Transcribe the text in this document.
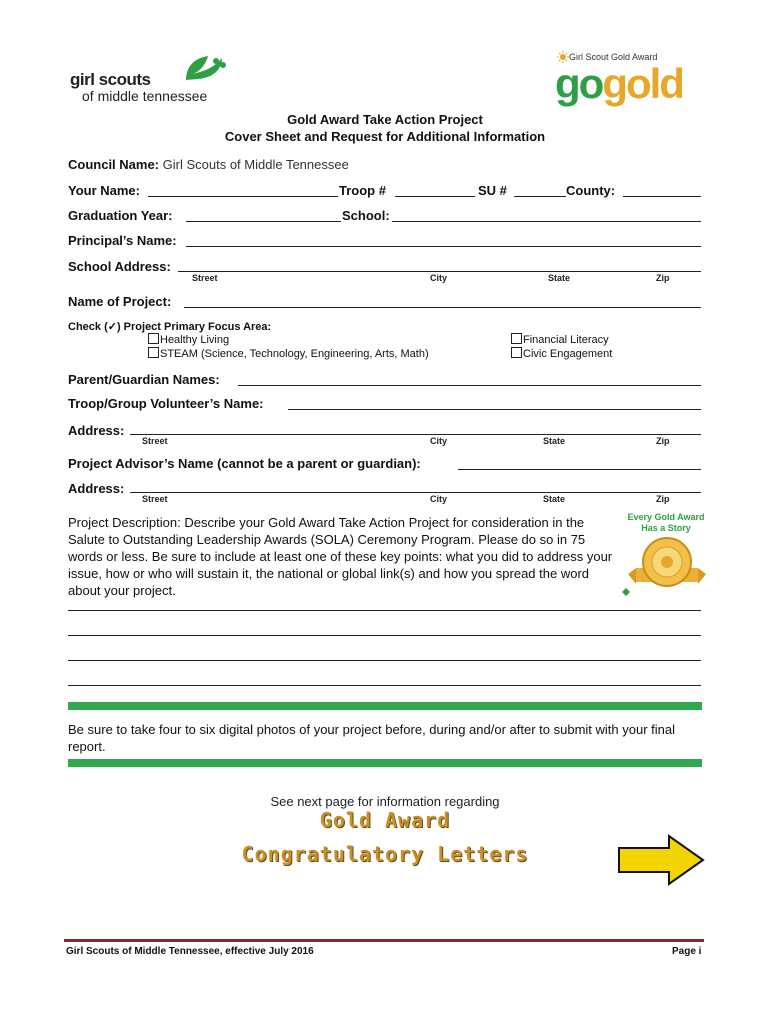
girl scouts
of middle tennessee
Girl Scout Gold Award
gogold
Gold Award Take Action Project
Cover Sheet and Request for Additional Information
Council Name: Girl Scouts of Middle Tennessee
Your Name:	Troop #	SU #	County:
Graduation Year:	School:
Principal’s Name:
School Address:
Street	City	State	Zip
Name of Project:
Check (✓) Project Primary Focus Area:
Healthy Living
STEAM (Science, Technology, Engineering, Arts, Math)
Financial Literacy
Civic Engagement
Parent/Guardian Names:
Troop/Group Volunteer’s Name:
Address:
Street	City	State	Zip
Project Advisor’s Name (cannot be a parent or guardian):
Address:
Street	City	State	Zip
Project Description: Describe your Gold Award Take Action Project for consideration in the Salute to Outstanding Leadership Awards (SOLA) Ceremony Program. Please do so in 75 words or less. Be sure to include at least one of these key points: what you did to address your issue, how or who will sustain it, the national or global link(s) and how you spread the word about your project.
Every Gold Award
Has a Story
Be sure to take four to six digital photos of your project before, during and/or after to submit with your final report.
See next page for information regarding
Gold Award
Congratulatory Letters
Girl Scouts of Middle Tennessee, effective July 2016	Page i
